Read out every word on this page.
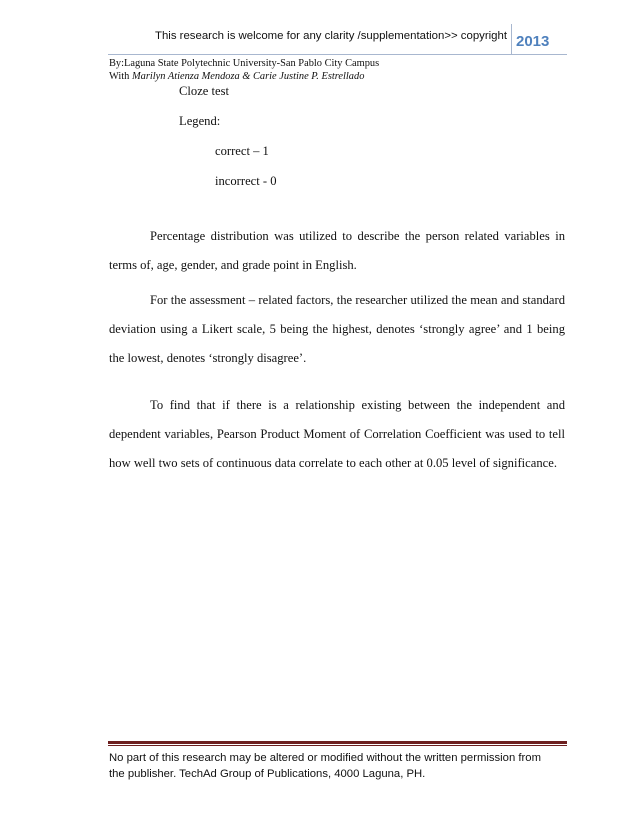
This research is welcome for any clarity /supplementation>> copyright 2013
By:Laguna State Polytechnic University-San Pablo City Campus
With Marilyn Atienza Mendoza & Carie Justine P. Estrellado
Cloze test
Legend:
correct – 1
incorrect - 0
Percentage distribution was utilized to describe the person related variables in
terms of, age, gender, and grade point in English.
For the assessment – related factors, the researcher utilized the mean and standard
deviation using a Likert scale, 5 being the highest, denotes ‘strongly agree’ and 1 being
the lowest, denotes ‘strongly disagree’.
To find that if there is a relationship existing between the independent and
dependent variables, Pearson Product Moment of Correlation Coefficient was used to tell
how well two sets of continuous data correlate to each other at 0.05 level of significance.
No part of this research may be altered or modified without the written permission from
the publisher. TechAd Group of Publications, 4000 Laguna, PH.
